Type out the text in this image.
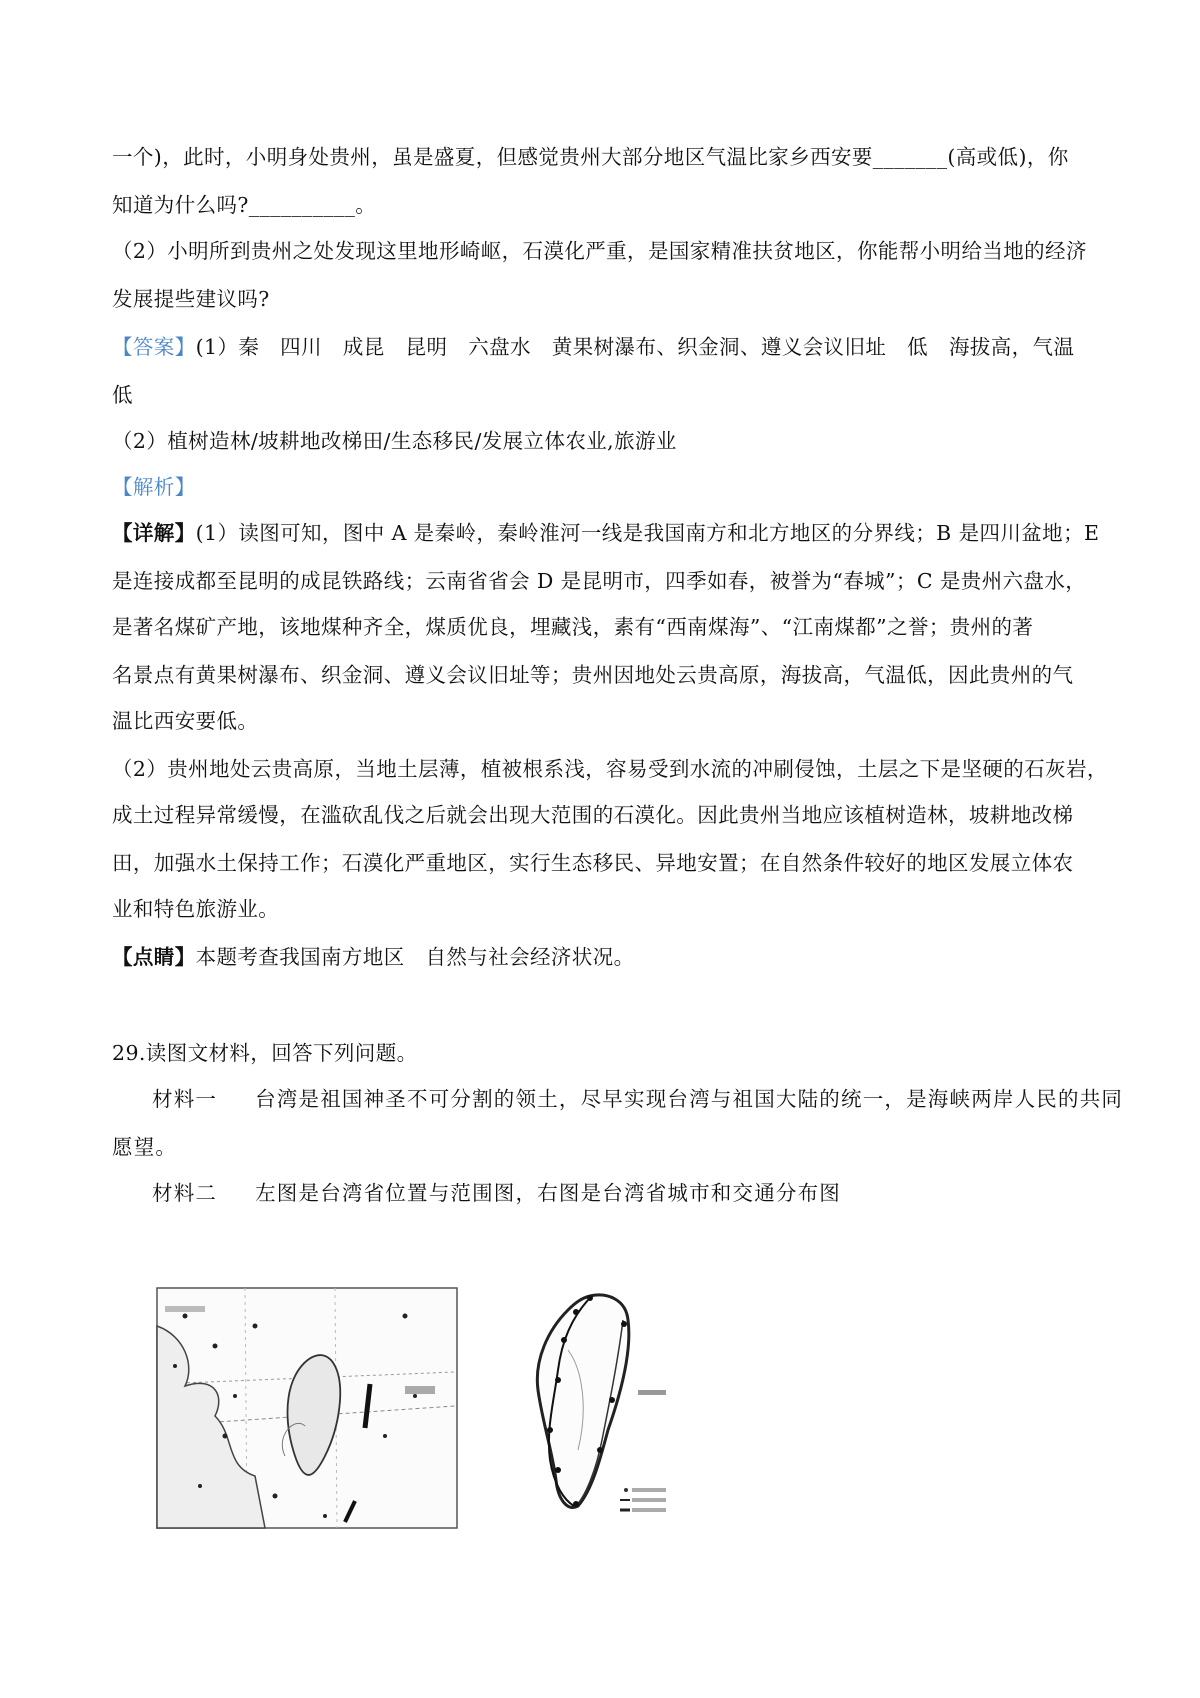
一个)，此时，小明身处贵州，虽是盛夏，但感觉贵州大部分地区气温比家乡西安要_______(高或低)，你
知道为什么吗?__________。
（2）小明所到贵州之处发现这里地形崎岖，石漠化严重，是国家精准扶贫地区，你能帮小明给当地的经济
发展提些建议吗?
【答案】(1）秦　四川　成昆　昆明　六盘水　黄果树瀑布、织金洞、遵义会议旧址　低　海拔高，气温
低
（2）植树造林/坡耕地改梯田/生态移民/发展立体农业,旅游业
【解析】
【详解】(1）读图可知，图中 A 是秦岭，秦岭淮河一线是我国南方和北方地区的分界线；B 是四川盆地；E
是连接成都至昆明的成昆铁路线；云南省省会 D 是昆明市，四季如春，被誉为“春城”；C 是贵州六盘水，
是著名煤矿产地，该地煤种齐全，煤质优良，埋藏浅，素有“西南煤海”、“江南煤都”之誉；贵州的著
名景点有黄果树瀑布、织金洞、遵义会议旧址等；贵州因地处云贵高原，海拔高，气温低，因此贵州的气
温比西安要低。
（2）贵州地处云贵高原，当地土层薄，植被根系浅，容易受到水流的冲刷侵蚀，土层之下是坚硬的石灰岩，
成土过程异常缓慢，在滥砍乱伐之后就会出现大范围的石漠化。因此贵州当地应该植树造林，坡耕地改梯
田，加强水土保持工作；石漠化严重地区，实行生态移民、异地安置；在自然条件较好的地区发展立体农
业和特色旅游业。
【点睛】本题考查我国南方地区　自然与社会经济状况。
29.读图文材料，回答下列问题。
材料一 台湾是祖国神圣不可分割的领土，尽早实现台湾与祖国大陆的统一，是海峡两岸人民的共同
愿望。
材料二 左图是台湾省位置与范围图，右图是台湾省城市和交通分布图
